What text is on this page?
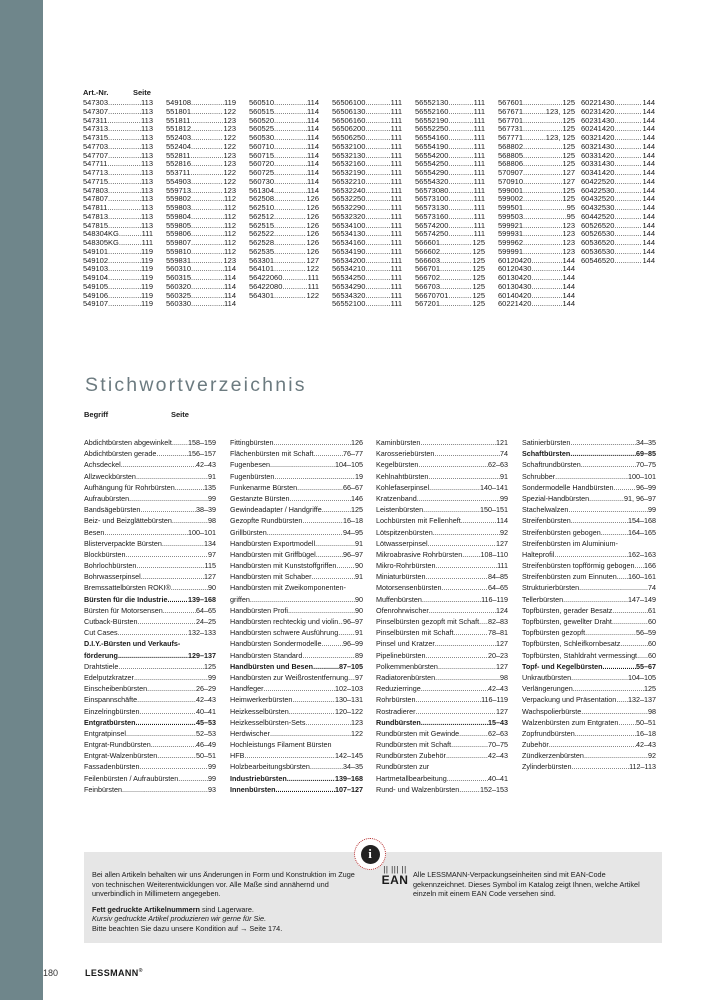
Art.-Nr.	Seite
547303 .....	113
547307 .....	113
547311 .....	113
547313 .....	113
547315 .....	113
547703 .....	113
547707 .....	113
547711 .....	113
547713 .....	113
547715 .....	113
547803 .....	113
547807 .....	113
547811 .....	113
547813 .....	113
547815 .....	113
548304KG .....	111
548305KG .....	111
549101 .....	119
549102 .....	119
549103 .....	119
549104 .....	119
549105 .....	119
549106 .....	119
549107 .....	119
549108 .....	119
551801 .....	122
551811 .....	123
551812 .....	123
552403 .....	122
552404 .....	122
552811 .....	123
552816 .....	123
553711 .....	122
554903 .....	122
559713 .....	123
559802 .....	112
559803 .....	112
559804 .....	112
559805 .....	112
559806 .....	112
559807 .....	112
559810 .....	112
559831 .....	123
560310 .....	114
560315 .....	114
560320 .....	114
560325 .....	114
560330 .....	114
560510 .....	114
560515 .....	114
560520 .....	114
560525 .....	114
560530 .....	114
560710 .....	114
560715 .....	114
560720 .....	114
560725 .....	114
560730 .....	114
561304 .....	114
562508 .....	126
562510 .....	126
562512 .....	126
562515 .....	126
562522 .....	126
562528 .....	126
562535 .....	126
563301 .....	127
564101 .....	122
56422060 .....	111
56422080 .....	111
564301 .....	122
56506100 .....	111
56506130 .....	111
56506160 .....	111
56506200 .....	111
56506250 .....	111
56532100 .....	111
56532130 .....	111
56532160 .....	111
56532190 .....	111
56532210 .....	111
56532240 .....	111
56532250 .....	111
56532290 .....	111
56532320 .....	111
56534100 .....	111
56534130 .....	111
56534160 .....	111
56534190 .....	111
56534200 .....	111
56534210 .....	111
56534250 .....	111
56534290 .....	111
56534320 .....	111
56552100 .....	111
56552130 .....	111
56552160 .....	111
56552190 .....	111
56552250 .....	111
56554160 .....	111
56554190 .....	111
56554200 .....	111
56554250 .....	111
56554290 .....	111
56554320 .....	111
56573080 .....	111
56573100 .....	111
56573130 .....	111
56573160 .....	111
56574200 .....	111
56574250 .....	111
566601 .....	125
566602 .....	125
566603 .....	125
566701 .....	125
566702 .....	125
566703 .....	125
56670701 .....	125
567201 .....	125
567601 .....	125
567671 .....	123, 125
567701 .....	125
567731 .....	125
567771 .....	123, 125
568802 .....	125
568805 .....	125
568806 .....	125
570907 .....	127
570910 .....	127
599001 .....	125
599002 .....	125
599501 .....	95
599503 .....	95
599921 .....	123
599931 .....	123
599962 .....	123
599991 .....	123
60120420 .....	144
60120430 .....	144
60130420 .....	144
60130430 .....	144
60140420 .....	144
60221420 .....	144
60221430 .....	144
60231420 .....	144
60231430 .....	144
60241420 .....	144
60321420 .....	144
60321430 .....	144
60331420 .....	144
60331430 .....	144
60341420 .....	144
60422520 .....	144
60422530 .....	144
60432520 .....	144
60432530 .....	144
60442520 .....	144
60526520 .....	144
60526530 .....	144
60536520 .....	144
60536530 .....	144
60546520 .....	144
Stichwortverzeichnis
Begriff	Seite
Abdichtbürsten abgewinkelt ..... 158–159
Abdichtbürsten gerade .....	156–157
Achsdeckel .....	42–43
Allzweckbürsten .....	91
Aufhängung für Rohrbürsten .....	135
Aufraubürsten .....	99
Bandsägebürsten .....	38–39
Beiz- und Beizglättebürsten .....	98
Besen .....	100–101
Blisterverpackte Bürsten .....	134
Blockbürsten .....	97
Bohrlochbürsten .....	115
Bohrwasserpinsel .....	127
Bremssattelbürsten ROKI® .....	90
Bürsten für die Industrie .....	139–168
Bürsten für Motorsensen .....	64–65
Cutback-Bürsten .....	24–25
Cut Cases .....	132–133
D.I.Y.-Bürsten und Verkaufs-
förderung .....	129–137
Drahtstiele .....	125
Edelputzkratzer .....	99
Einscheibenbürsten .....	26–29
Einspannschäfte .....	42–43
Einzelringbürsten .....	40–41
Entgratbürsten .....	45–53
Entgratpinsel .....	52–53
Entgrat-Rundbürsten .....	46–49
Entgrat-Walzenbürsten .....	50–51
Fassadenbürsten .....	99
Feilenbürsten / Aufraubürsten .....	99
Feinbürsten .....	93
Fittingbürsten .....	126
Flächenbürsten mit Schaft .....	76–77
Fugenbesen .....	104–105
Fugenbürsten .....	19
Funkenarme Bürsten .....	66–67
Gestanzte Bürsten .....	146
Gewindeadapter / Handgriffe .....	125
Gezopfte Rundbürsten .....	16–18
Grillbürsten .....	94–95
Handbürsten Exportmodell .....	91
Handbürsten mit Griffbügel .....	96–97
Handbürsten mit Kunststoffgriffen .....	90
Handbürsten mit Schaber .....	91
Handbürsten mit Zweikomponenten-
griffen .....	90
Handbürsten Profi .....	90
Handbürsten rechteckig und violin ..... 96–97
Handbürsten schwere Ausführung ..... 91
Handbürsten Sondermodelle .....	96–99
Handbürsten Standard .....	89
Handbürsten und Besen .....	87–105
Handbürsten zur Weißrostentfernung ..... 97
Handfeger .....	102–103
Heimwerkerbürsten .....	130–131
Heizkesselbürsten .....	120–122
Heizkesselbürsten-Sets .....	123
Herdwischer .....	122
Hochleistungs Filament Bürsten
HFB .....	142–145
Holzbearbeitungsbürsten .....	34–35
Industriebürsten .....	139–168
Innenbürsten .....	107–127
Kaminbürsten .....	121
Karosseriebürsten .....	74
Kegelbürsten .....	62–63
Kehlnahtbürsten .....	91
Kohlefaserpinsel .....	140–141
Kratzenband .....	99
Leistenbürsten .....	150–151
Lochbürsten mit Fellenheft .....	114
Lötspitzenbürsten .....	92
Lötwasserpinsel .....	127
Mikroabrasive Rohrbürsten .....	108–110
Mikro-Rohrbürsten .....	111
Miniaturbürsten .....	84–85
Motorsensenbürsten .....	64–65
Muffenbürsten .....	116–119
Ofenrohrwischer .....	124
Pinselbürsten gezopft mit Schaft ..... 82–83
Pinselbürsten mit Schaft .....	78–81
Pinsel und Kratzer .....	127
Pipelinebürsten .....	20–23
Polkemmenbürsten .....	127
Radiatorenbürsten .....	98
Reduzierringe .....	42–43
Rohrbürsten .....	116–119
Rostradierer .....	127
Rundbürsten .....	15–43
Rundbürsten mit Gewinde .....	62–63
Rundbürsten mit Schaft .....	70–75
Rundbürsten Zubehör .....	42–43
Rundbürsten zur
Hartmetallbearbeitung .....	40–41
Rund- und Walzenbürsten .....	152–153
Satinierbürsten .....	34–35
Schaftbürsten .....	69–85
Schaftrundbürsten .....	70–75
Schrubber .....	100–101
Sondermodelle Handbürsten .....	96–99
Spezial-Handbürsten .....	91, 96–97
Stachelwalzen .....	99
Streifenbürsten .....	154–168
Streifenbürsten gebogen .....	164–165
Streifenbürsten im Aluminium-
Halteprofil .....	162–163
Streifenbürsten topfförmig gebogen ..... 166
Streifenbürsten zum Einnuten ..... 160–161
Strukturierbürsten .....	74
Tellerbürsten .....	147–149
Topfbürsten, gerader Besatz .....	61
Topfbürsten, gewellter Draht .....	60
Topfbürsten gezopft .....	56–59
Topfbürsten, Schleifkornbesatz .....	60
Topfbürsten, Stahldraht vermessingt ..... 60
Topf- und Kegelbürsten .....	55–67
Unkrautbürsten .....	104–105
Verlängerungen .....	125
Verpackung und Präsentation ..... 132–137
Wachspolierbürste .....	98
Walzenbürsten zum Entgraten ..... 50–51
Zopfrundbürsten .....	16–18
Zubehör .....	42–43
Zündkerzenbürsten .....	92
Zylinderbürsten .....	112–113
i

Bei allen Artikeln behalten wir uns Änderungen in Form und Konstruktion im Zuge von technischen Weiterentwicklungen vor. Alle Maße sind annähernd und unverbindlich in Millimetern angegeben.

Fett gedruckte Artikelnummern sind Lagerware.

Kursiv gedruckte Artikel produzieren wir gerne für Sie.

Bitte beachten Sie dazu unsere Kondition auf → Seite 174.

|| ||| ||
EAN Alle LESSMANN-Verpackungseinheiten sind mit EAN-Code gekennzeichnet. Dieses Symbol im Katalog zeigt Ihnen, welche Artikel einzeln mit einem EAN Code versehen sind.
180	LESSMANN®
